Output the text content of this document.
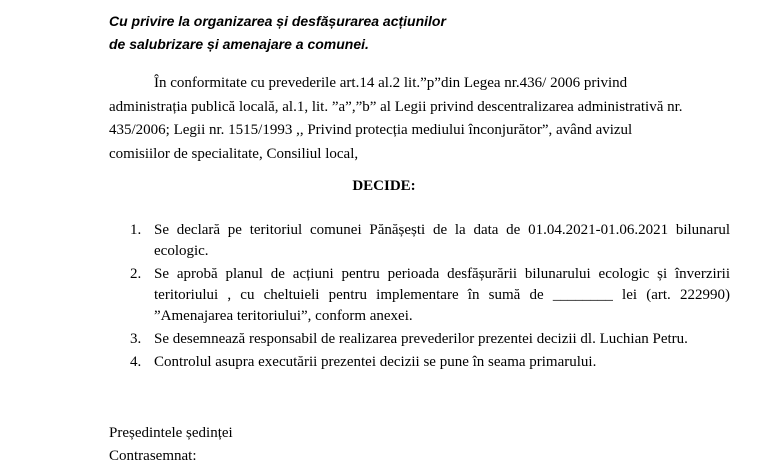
Cu privire la organizarea și desfășurarea acțiunilor
de salubrizare și amenajare a comunei.
În conformitate cu prevederile art.14 al.2 lit.”p”din Legea nr.436/ 2006 privind
administrația publică locală, al.1, lit. ”a”,”b” al Legii privind descentralizarea administrativă nr.
435/2006; Legii nr. 1515/1993 ,, Privind protecția mediului înconjurător”, având avizul
comisiilor de specialitate, Consiliul local,
DECIDE:
1. Se declară pe teritoriul comunei Pănășești de la data de 01.04.2021-01.06.2021 bilunarul
ecologic.
2. Se aprobă planul de acțiuni pentru perioada desfășurării bilunarului ecologic și înverzirii
teritoriului , cu cheltuieli pentru implementare în sumă de ________ lei (art. 222990)
”Amenajarea teritoriului”, conform anexei.
3. Se desemnează responsabil de realizarea prevederilor prezentei decizii dl. Luchian Petru.
4. Controlul asupra executării prezentei decizii se pune în seama primarului.
Președintele ședinței
Contrasemnat:
